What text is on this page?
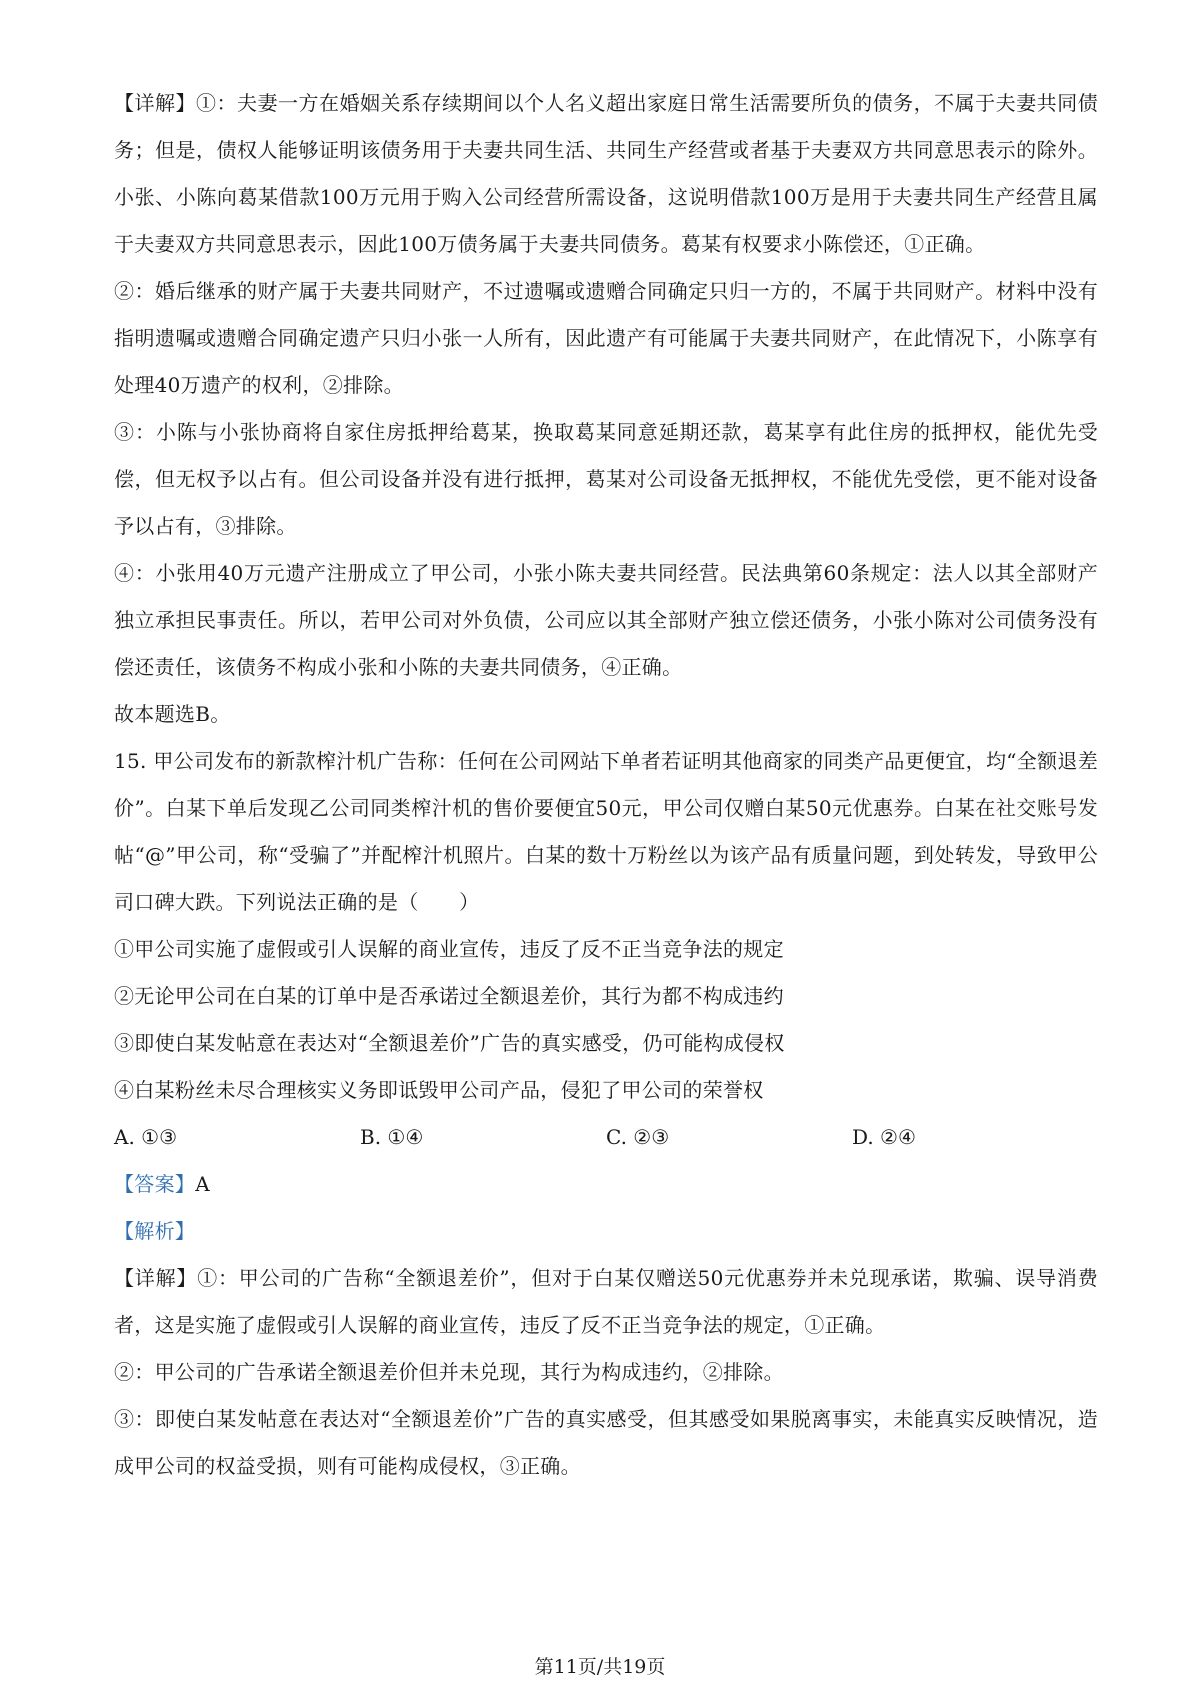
【详解】①：夫妻一方在婚姻关系存续期间以个人名义超出家庭日常生活需要所负的债务，不属于夫妻共同债务；但是，债权人能够证明该债务用于夫妻共同生活、共同生产经营或者基于夫妻双方共同意思表示的除外。小张、小陈向葛某借款100万元用于购入公司经营所需设备，这说明借款100万是用于夫妻共同生产经营且属于夫妻双方共同意思表示，因此100万债务属于夫妻共同债务。葛某有权要求小陈偿还，①正确。

②：婚后继承的财产属于夫妻共同财产，不过遗嘱或遗赠合同确定只归一方的，不属于共同财产。材料中没有指明遗嘱或遗赠合同确定遗产只归小张一人所有，因此遗产有可能属于夫妻共同财产，在此情况下，小陈享有处理40万遗产的权利，②排除。

③：小陈与小张协商将自家住房抵押给葛某，换取葛某同意延期还款，葛某享有此住房的抵押权，能优先受偿，但无权予以占有。但公司设备并没有进行抵押，葛某对公司设备无抵押权，不能优先受偿，更不能对设备予以占有，③排除。

④：小张用40万元遗产注册成立了甲公司，小张小陈夫妻共同经营。民法典第60条规定：法人以其全部财产独立承担民事责任。所以，若甲公司对外负债，公司应以其全部财产独立偿还债务，小张小陈对公司债务没有偿还责任，该债务不构成小张和小陈的夫妻共同债务，④正确。

故本题选B。

15. 甲公司发布的新款榨汁机广告称：任何在公司网站下单者若证明其他商家的同类产品更便宜，均“全额退差价”。白某下单后发现乙公司同类榨汁机的售价要便宜50元，甲公司仅赠白某50元优惠券。白某在社交账号发帖“@”甲公司，称“受骗了”并配榨汁机照片。白某的数十万粉丝以为该产品有质量问题，到处转发，导致甲公司口碑大跌。下列说法正确的是（　　）

①甲公司实施了虚假或引人误解的商业宣传，违反了反不正当竞争法的规定

②无论甲公司在白某的订单中是否承诺过全额退差价，其行为都不构成违约

③即使白某发帖意在表达对“全额退差价”广告的真实感受，仍可能构成侵权

④白某粉丝未尽合理核实义务即诋毁甲公司产品，侵犯了甲公司的荣誉权

A. ①③	B. ①④	C. ②③	D. ②④

【答案】A

【解析】

【详解】①：甲公司的广告称“全额退差价”，但对于白某仅赠送50元优惠券并未兑现承诺，欺骗、误导消费者，这是实施了虚假或引人误解的商业宣传，违反了反不正当竞争法的规定，①正确。

②：甲公司的广告承诺全额退差价但并未兑现，其行为构成违约，②排除。

③：即使白某发帖意在表达对“全额退差价”广告的真实感受，但其感受如果脱离事实，未能真实反映情况，造成甲公司的权益受损，则有可能构成侵权，③正确。

第11页/共19页
